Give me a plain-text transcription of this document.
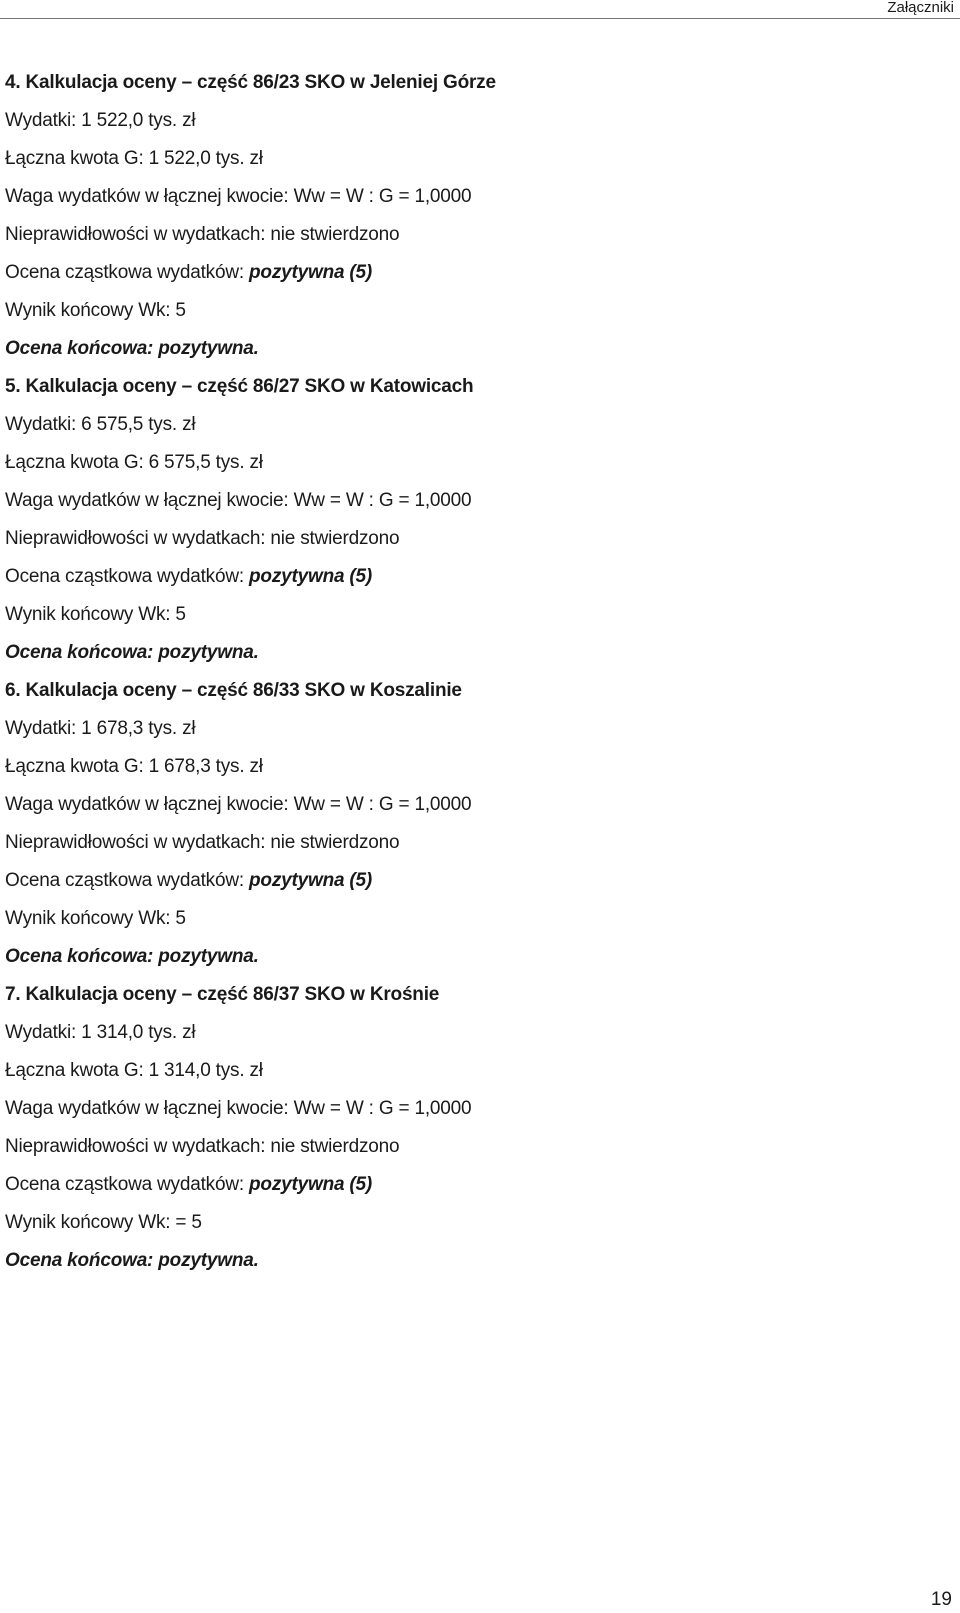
Załączniki
4. Kalkulacja oceny – część 86/23 SKO w Jeleniej Górze
Wydatki: 1 522,0 tys. zł
Łączna kwota G: 1 522,0 tys. zł
Waga wydatków w łącznej kwocie: Ww = W : G = 1,0000
Nieprawidłowości w wydatkach: nie stwierdzono
Ocena cząstkowa wydatków: pozytywna (5)
Wynik końcowy Wk: 5
Ocena końcowa: pozytywna.
5. Kalkulacja oceny – część 86/27 SKO w Katowicach
Wydatki: 6 575,5 tys. zł
Łączna kwota G: 6 575,5 tys. zł
Waga wydatków w łącznej kwocie: Ww = W : G = 1,0000
Nieprawidłowości w wydatkach: nie stwierdzono
Ocena cząstkowa wydatków: pozytywna (5)
Wynik końcowy Wk: 5
Ocena końcowa: pozytywna.
6. Kalkulacja oceny – część 86/33 SKO w Koszalinie
Wydatki: 1 678,3 tys. zł
Łączna kwota G: 1 678,3 tys. zł
Waga wydatków w łącznej kwocie: Ww = W : G = 1,0000
Nieprawidłowości w wydatkach: nie stwierdzono
Ocena cząstkowa wydatków: pozytywna (5)
Wynik końcowy Wk: 5
Ocena końcowa: pozytywna.
7. Kalkulacja oceny – część 86/37 SKO w Krośnie
Wydatki: 1 314,0 tys. zł
Łączna kwota G: 1 314,0 tys. zł
Waga wydatków w łącznej kwocie: Ww = W : G = 1,0000
Nieprawidłowości w wydatkach: nie stwierdzono
Ocena cząstkowa wydatków: pozytywna (5)
Wynik końcowy Wk: = 5
Ocena końcowa: pozytywna.
19
